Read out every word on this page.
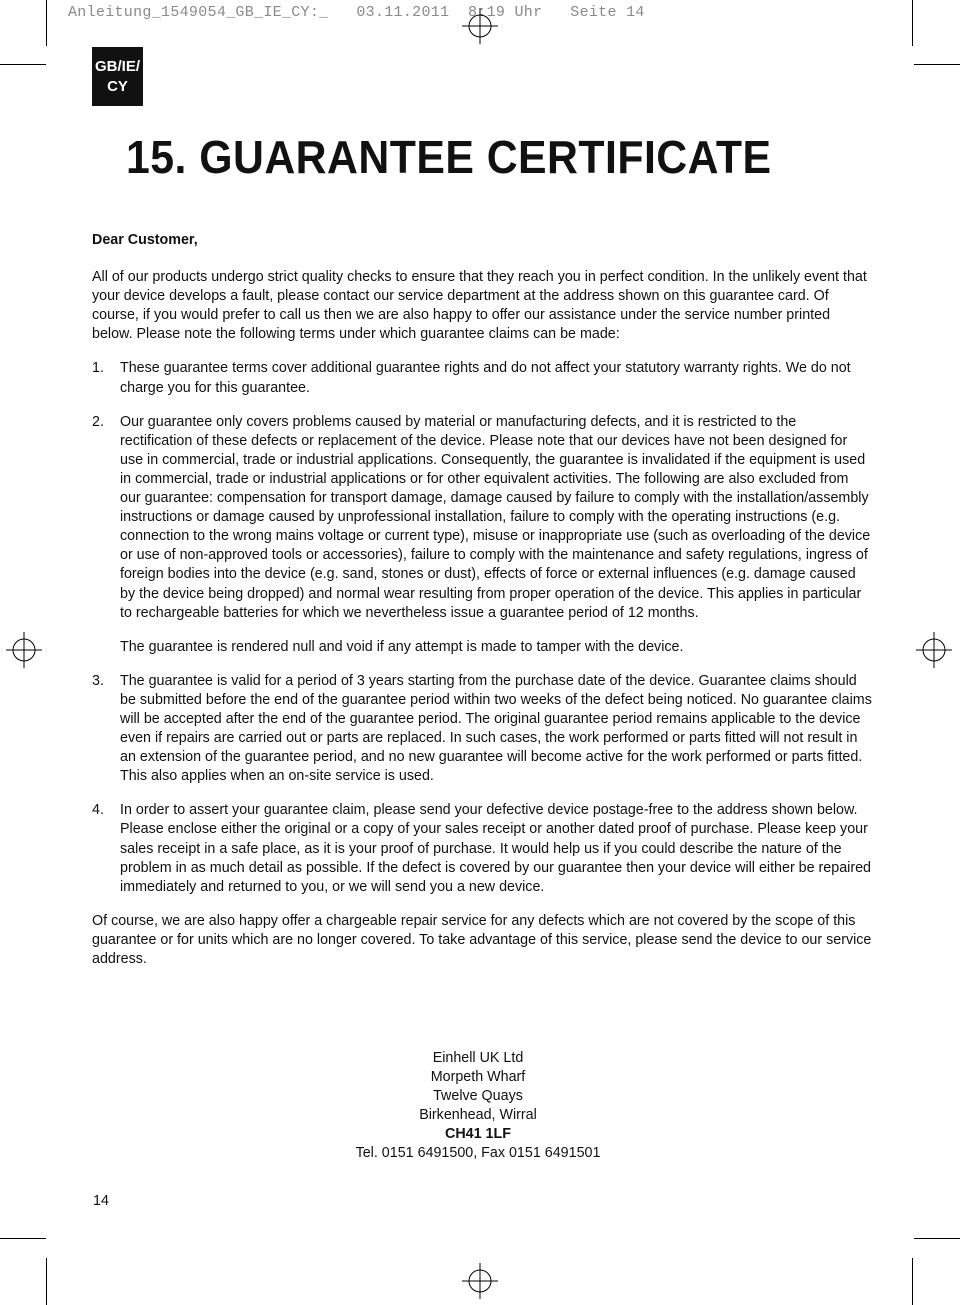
Anleitung_1549054_GB_IE_CY:_   03.11.2011  8:19 Uhr   Seite 14
GB/IE/
CY
15. GUARANTEE CERTIFICATE

Dear Customer,

All of our products undergo strict quality checks to ensure that they reach you in perfect condition. In the unlikely event that your device develops a fault, please contact our service department at the address shown on this guarantee card. Of course, if you would prefer to call us then we are also happy to offer our assistance under the service number printed below. Please note the following terms under which guarantee claims can be made:

1.	These guarantee terms cover additional guarantee rights and do not affect your statutory warranty rights. We do not charge you for this guarantee.

2.	Our guarantee only covers problems caused by material or manufacturing defects, and it is restricted to the rectification of these defects or replacement of the device. Please note that our devices have not been designed for use in commercial, trade or industrial applications. Consequently, the guarantee is invalidated if the equipment is used in commercial, trade or industrial applications or for other equivalent activities. The following are also excluded from our guarantee: compensation for transport damage, damage caused by failure to comply with the installation/assembly instructions or damage caused by unprofessional installation, failure to comply with the operating instructions (e.g. connection to the wrong mains voltage or current type), misuse or inappropriate use (such as overloading of the device or use of non-approved tools or accessories), failure to comply with the maintenance and safety regulations, ingress of foreign bodies into the device (e.g. sand, stones or dust), effects of force or external influences (e.g. damage caused by the device being dropped) and normal wear resulting from proper operation of the device. This applies in particular to rechargeable batteries for which we nevertheless issue a guarantee period of 12 months.

The guarantee is rendered null and void if any attempt is made to tamper with the device.

3.	The guarantee is valid for a period of 3 years starting from the purchase date of the device. Guarantee claims should be submitted before the end of the guarantee period within two weeks of the defect being noticed. No guarantee claims will be accepted after the end of the guarantee period. The original guarantee period remains applicable to the device even if repairs are carried out or parts are replaced. In such cases, the work performed or parts fitted will not result in an extension of the guarantee period, and no new guarantee will become active for the work performed or parts fitted. This also applies when an on-site service is used.

4.	In order to assert your guarantee claim, please send your defective device postage-free to the address shown below. Please enclose either the original or a copy of your sales receipt or another dated proof of purchase. Please keep your sales receipt in a safe place, as it is your proof of purchase. It would help us if you could describe the nature of the problem in as much detail as possible. If the defect is covered by our guarantee then your device will either be repaired immediately and returned to you, or we will send you a new device.

Of course, we are also happy offer a chargeable repair service for any defects which are not covered by the scope of this guarantee or for units which are no longer covered. To take advantage of this service, please send the device to our service address.

Einhell UK Ltd
Morpeth Wharf
Twelve Quays
Birkenhead, Wirral
CH41 1LF
Tel. 0151 6491500, Fax 0151 6491501
14
